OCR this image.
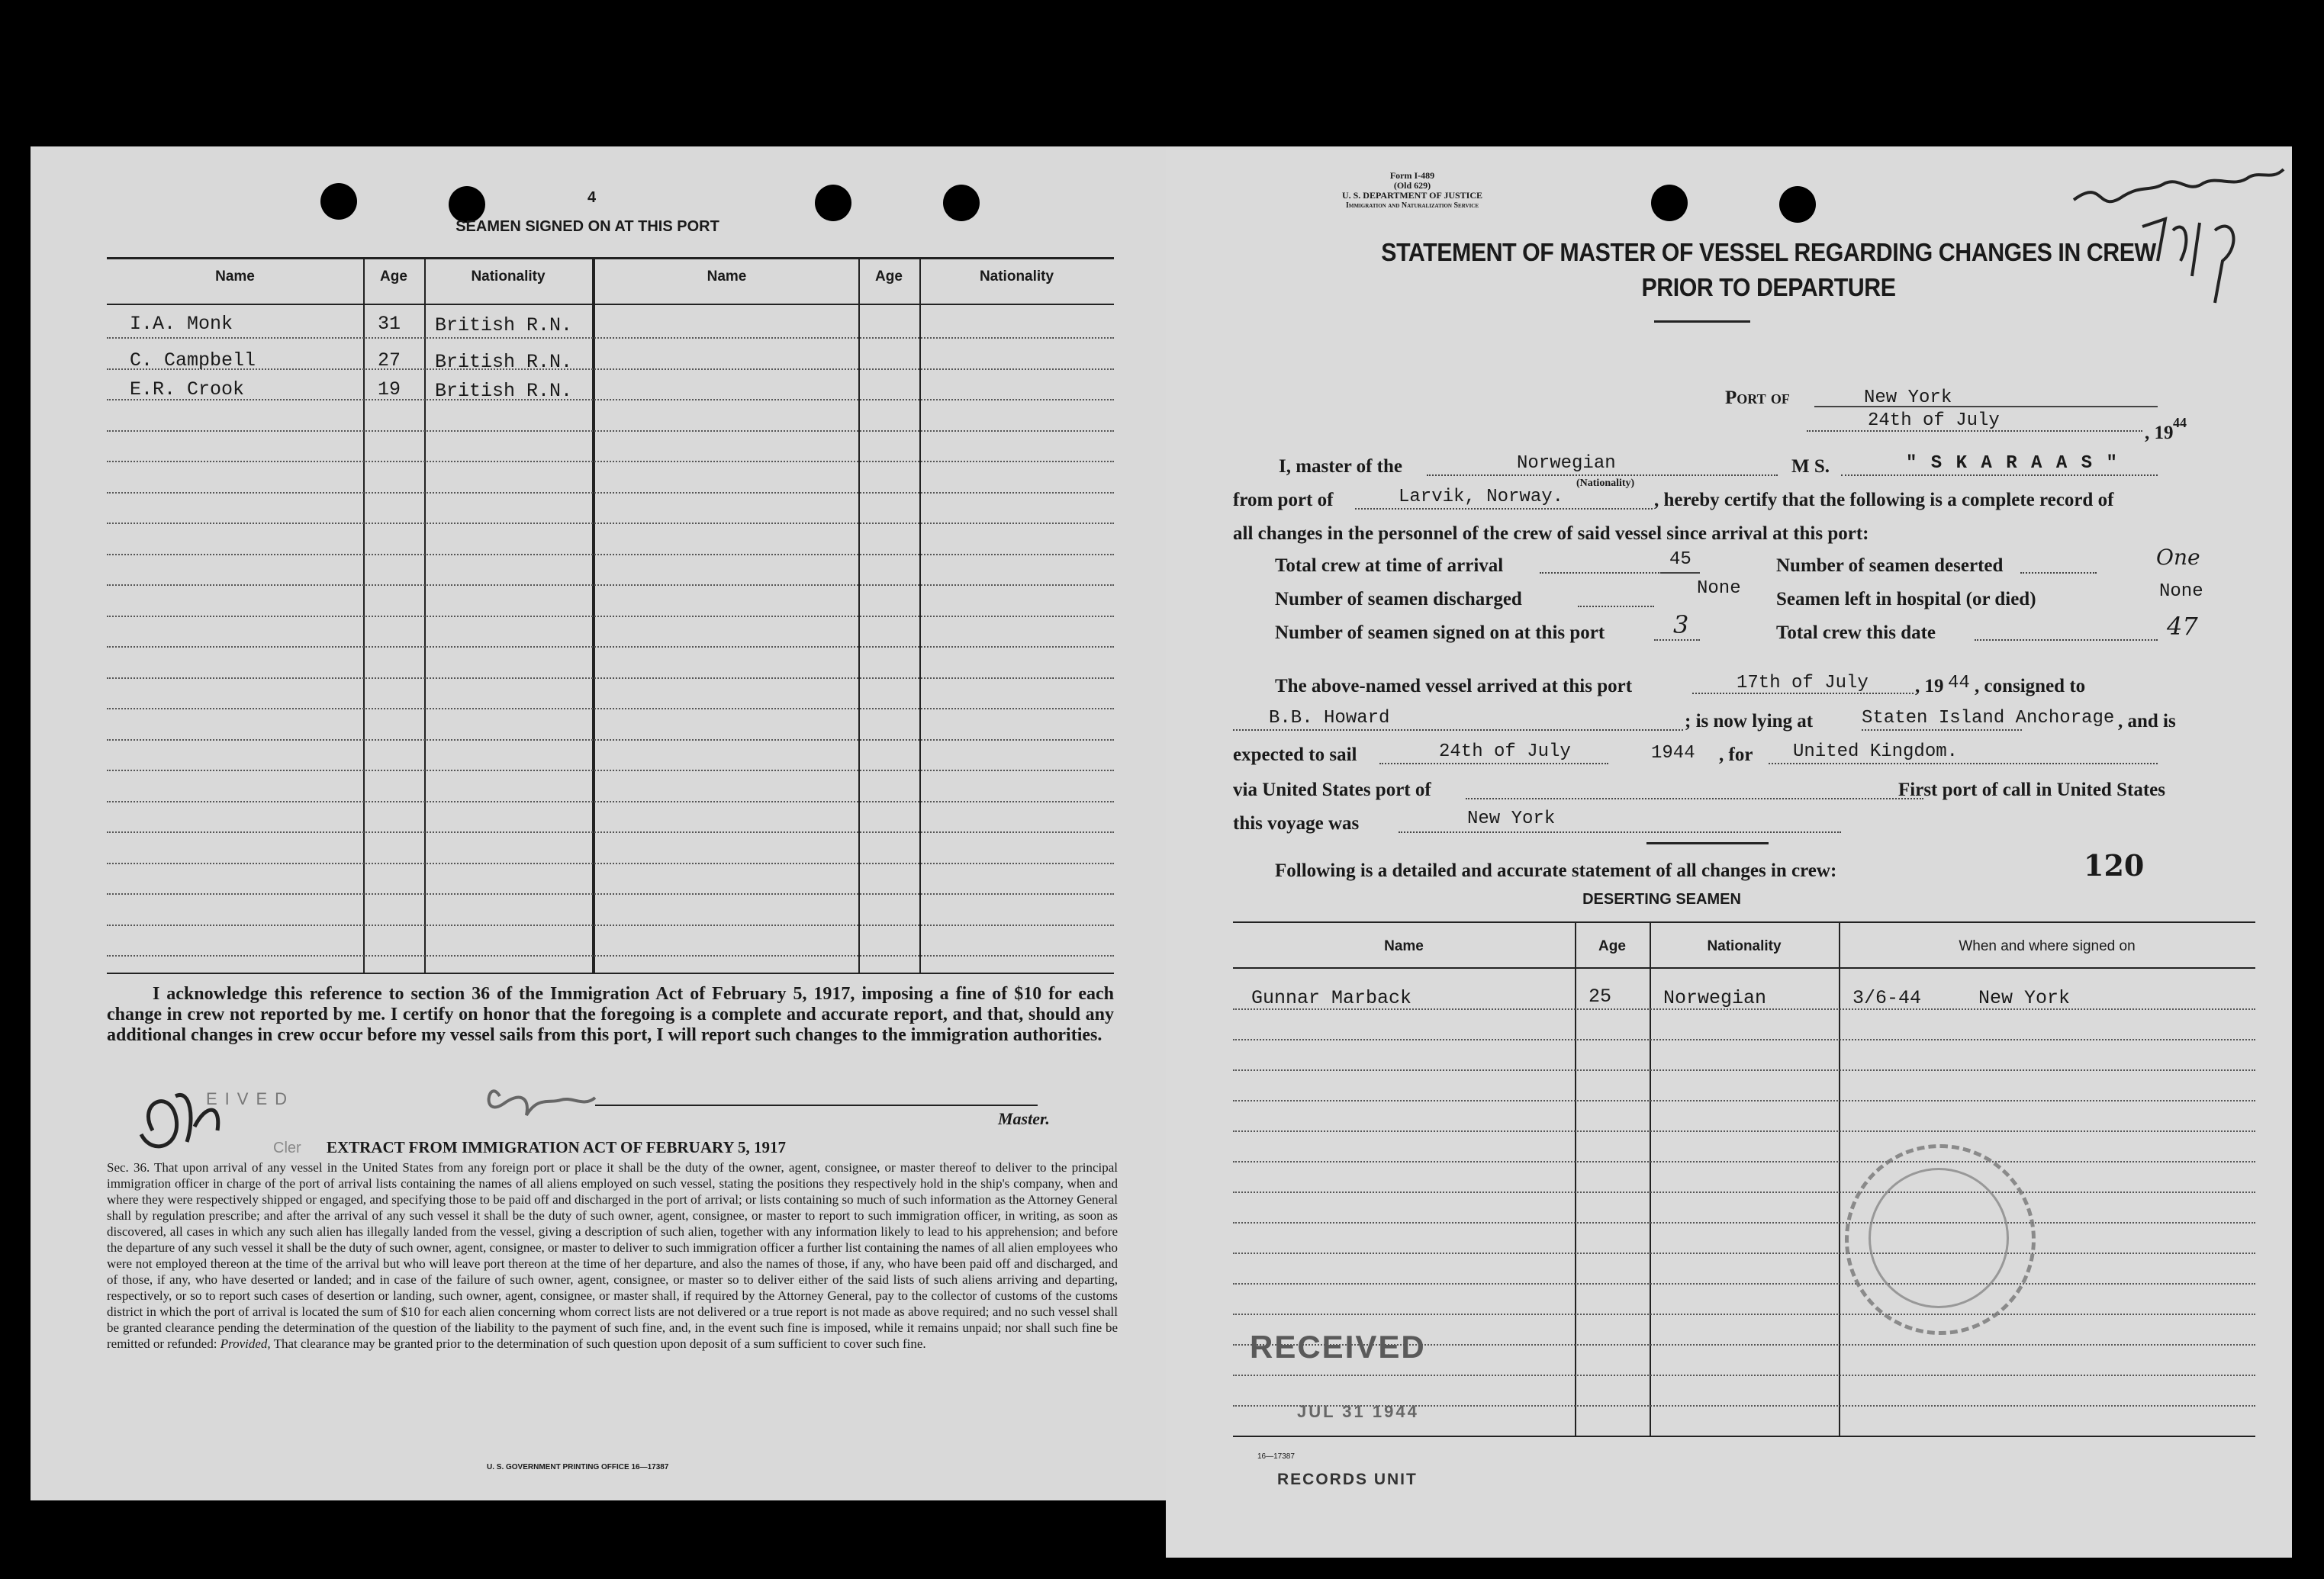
4
SEAMEN SIGNED ON AT THIS PORT
Name	Age	Nationality	Name	Age	Nationality
I.A. Monk	31 British R.N.
C. Campbell	27 British R.N.
E.R. Crook	19 British R.N.
I acknowledge this reference to section 36 of the Immigration Act of February 5, 1917, imposing a fine of $10 for each change in crew not reported by me. I certify on honor that the foregoing is a complete and accurate report, and that, should any additional changes in crew occur before my vessel sails from this port, I will report such changes to the immigration authorities.
EIVED
Master.
Cler EXTRACT FROM IMMIGRATION ACT OF FEBRUARY 5, 1917
Sec. 36. That upon arrival of any vessel in the United States from any foreign port or place it shall be the duty of the owner, agent, consignee, or master thereof to deliver to the principal immigration officer in charge of the port of arrival lists containing the names of all aliens employed on such vessel, stating the positions they respectively hold in the ship's company, when and where they were respectively shipped or engaged, and specifying those to be paid off and discharged in the port of arrival; or lists containing so much of such information as the Attorney General shall by regulation prescribe; and after the arrival of any such vessel it shall be the duty of such owner, agent, consignee, or master to report to such immigration officer, in writing, as soon as discovered, all cases in which any such alien has illegally landed from the vessel, giving a description of such alien, together with any information likely to lead to his apprehension; and before the departure of any such vessel it shall be the duty of such owner, agent, consignee, or master to deliver to such immigration officer a further list containing the names of all alien employees who were not employed thereon at the time of the arrival but who will leave port thereon at the time of her departure, and also the names of those, if any, who have been paid off and discharged, and of those, if any, who have deserted or landed; and in case of the failure of such owner, agent, consignee, or master so to deliver either of the said lists of such aliens arriving and departing, respectively, or so to report such cases of desertion or landing, such owner, agent, consignee, or master shall, if required by the Attorney General, pay to the collector of customs of the customs district in which the port of arrival is located the sum of $10 for each alien concerning whom correct lists are not delivered or a true report is not made as above required; and no such vessel shall be granted clearance pending the determination of the question of the liability to the payment of such fine, and, in the event such fine is imposed, while it remains unpaid; nor shall such fine be remitted or refunded: Provided, That clearance may be granted prior to the determination of such question upon deposit of a sum sufficient to cover such fine.
U. S. GOVERNMENT PRINTING OFFICE 16—17387
Form I-489
(Old 629)
U. S. DEPARTMENT OF JUSTICE
Immigration and Naturalization Service
STATEMENT OF MASTER OF VESSEL REGARDING CHANGES IN CREW
PRIOR TO DEPARTURE
Port of	New York
24th of July
, 19 44
I, master of the	Norwegian
(Nationality)
M S.	" S K A R A A S "
from port of	Larvik, Norway.	, hereby certify that the following is a complete record of
all changes in the personnel of the crew of said vessel since arrival at this port:
Total crew at time of arrival	45	Number of seamen deserted	One
Number of seamen discharged
None
Seamen left in hospital (or died)	None
Number of seamen signed on at this port	3	Total crew this date	47
The above-named vessel arrived at this port	17th of July , 19 44 , consigned to
B.B. Howard	; is now lying at	Staten Island Anchorage , and is
expected to sail	24th of July	1944 , for United Kingdom.
via United States port of	First port of call in United States
this voyage was	New York
Following is a detailed and accurate statement of all changes in crew:	120
DESERTING SEAMEN
Name	Age	Nationality	When and where signed on
Gunnar Marback	25	Norwegian	3/6-44     New York
RECEIVED
JUL 31 1944
16—17387
RECORDS UNIT
